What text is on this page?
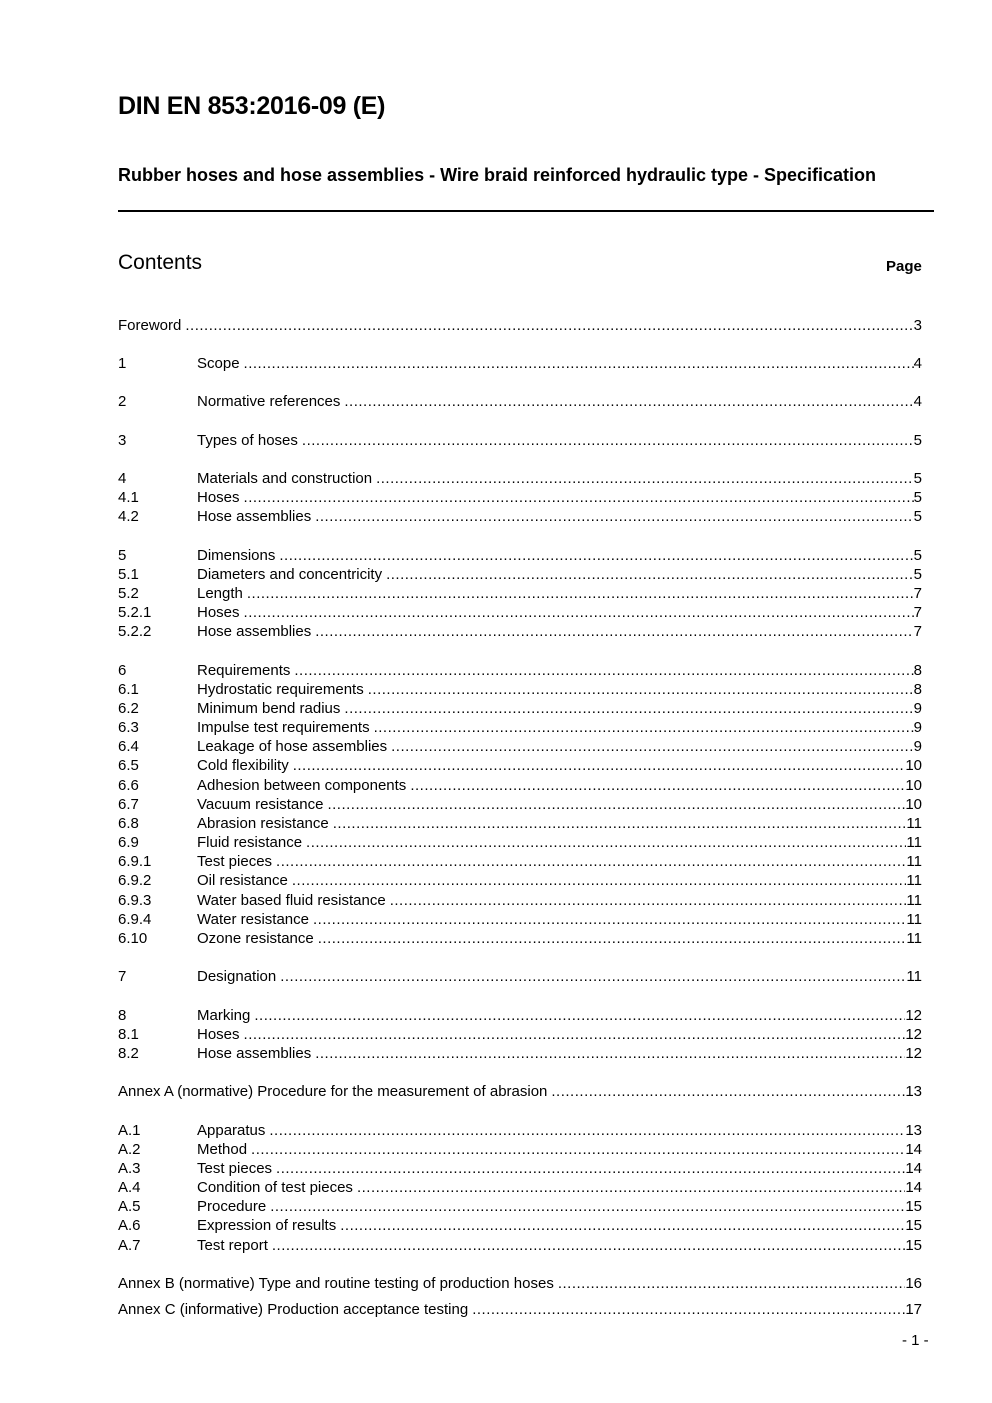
DIN EN 853:2016-09 (E)
Rubber hoses and hose assemblies - Wire braid reinforced hydraulic type - Specification
Contents	Page
Foreword .....	3
1	Scope .....	4
2	Normative references .....	4
3	Types of hoses .....	5
4	Materials and construction .....	5
4.1	Hoses .....	5
4.2	Hose assemblies .....	5
5	Dimensions .....	5
5.1	Diameters and concentricity .....	5
5.2	Length .....	7
5.2.1	Hoses .....	7
5.2.2	Hose assemblies .....	7
6	Requirements .....	8
6.1	Hydrostatic requirements .....	8
6.2	Minimum bend radius .....	9
6.3	Impulse test requirements .....	9
6.4	Leakage of hose assemblies .....	9
6.5	Cold flexibility .....	10
6.6	Adhesion between components .....	10
6.7	Vacuum resistance .....	10
6.8	Abrasion resistance .....	11
6.9	Fluid resistance .....	11
6.9.1	Test pieces .....	11
6.9.2	Oil resistance .....	11
6.9.3	Water based fluid resistance .....	11
6.9.4	Water resistance .....	11
6.10	Ozone resistance .....	11
7	Designation .....	11
8	Marking .....	12
8.1	Hoses .....	12
8.2	Hose assemblies .....	12
Annex A (normative) Procedure for the measurement of abrasion .....	13
A.1	Apparatus .....	13
A.2	Method .....	14
A.3	Test pieces .....	14
A.4	Condition of test pieces .....	14
A.5	Procedure .....	15
A.6	Expression of results .....	15
A.7	Test report .....	15
Annex B (normative) Type and routine testing of production hoses .....	16
Annex C (informative) Production acceptance testing .....	17
- 1 -
